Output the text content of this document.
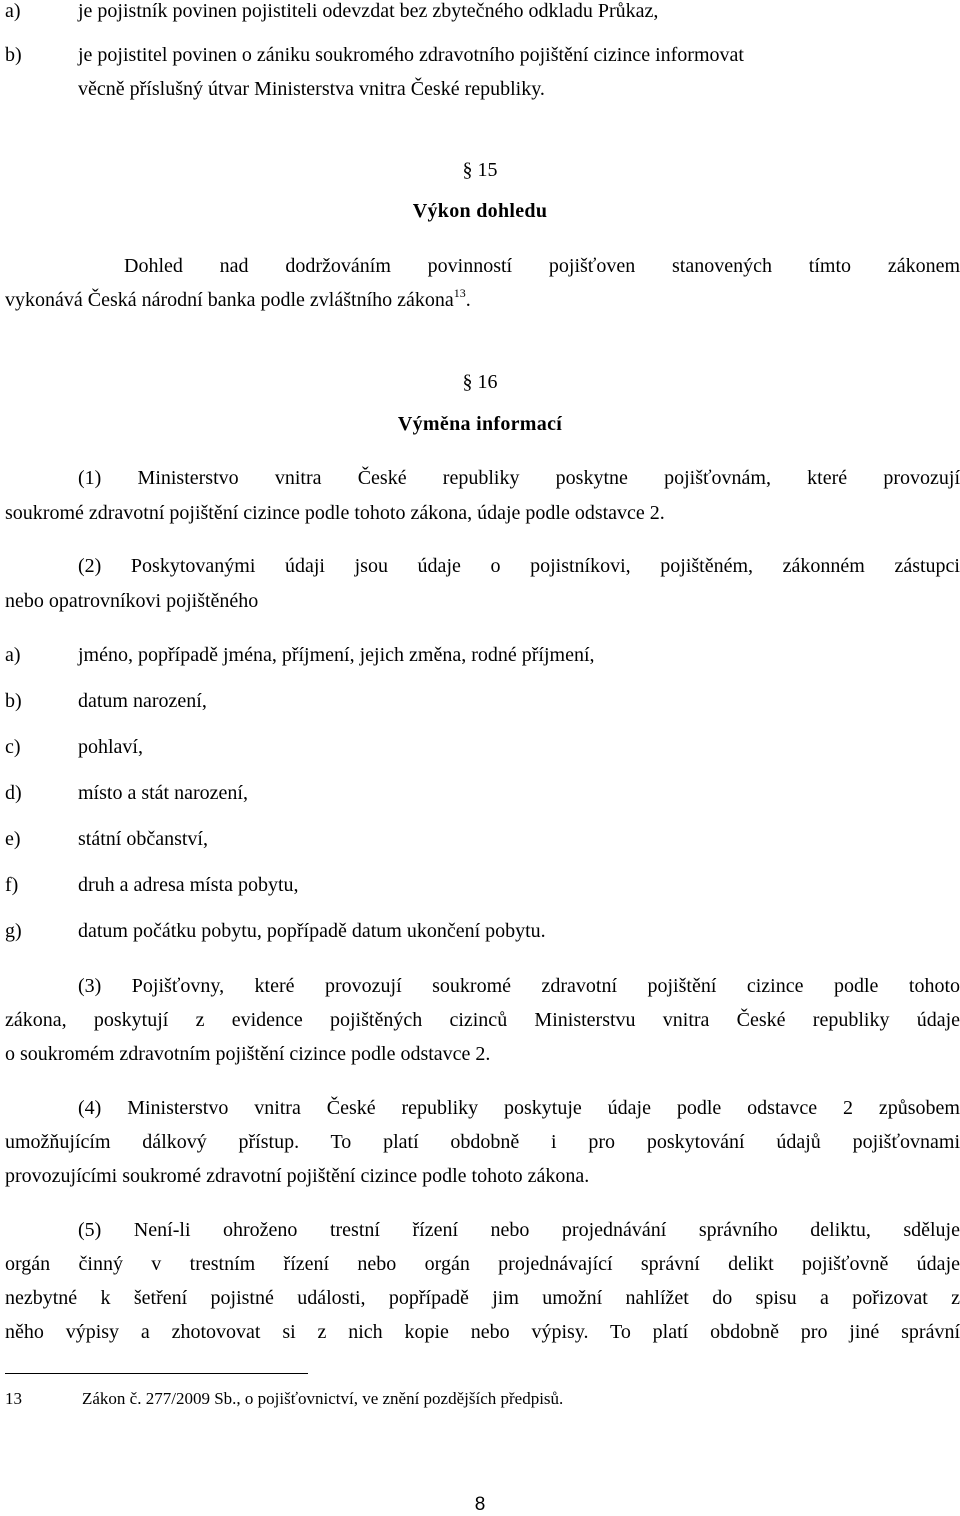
a)	je pojistník povinen pojistiteli odevzdat bez zbytečného odkladu Průkaz,
b)	je pojistitel povinen o zániku soukromého zdravotního pojištění cizince informovat
věcně příslušný útvar Ministerstva vnitra České republiky.
§ 15
Výkon dohledu
Dohled nad dodržováním povinností pojišťoven stanovených tímto zákonem
vykonává Česká národní banka podle zvláštního zákona$^{13}$.
§ 16
Výměna informací
(1) Ministerstvo vnitra České republiky poskytne pojišťovnám, které provozují
soukromé zdravotní pojištění cizince podle tohoto zákona, údaje podle odstavce 2.
(2) Poskytovanými údaji jsou údaje o pojistníkovi, pojištěném, zákonném zástupci
nebo opatrovníkovi pojištěného
a)	jméno, popřípadě jména, příjmení, jejich změna, rodné příjmení,
b)	datum narození,
c)	pohlaví,
d)	místo a stát narození,
e)	státní občanství,
f)	druh a adresa místa pobytu,
g)	datum počátku pobytu, popřípadě datum ukončení pobytu.
(3) Pojišťovny, které provozují soukromé zdravotní pojištění cizince podle tohoto
zákona, poskytují z evidence pojištěných cizinců Ministerstvu vnitra České republiky údaje
o soukromém zdravotním pojištění cizince podle odstavce 2.
(4) Ministerstvo vnitra České republiky poskytuje údaje podle odstavce 2 způsobem
umožňujícím dálkový přístup. To platí obdobně i pro poskytování údajů pojišťovnami
provozujícími soukromé zdravotní pojištění cizince podle tohoto zákona.
(5) Není-li ohroženo trestní řízení nebo projednávání správního deliktu, sděluje
orgán činný v trestním řízení nebo orgán projednávající správní delikt pojišťovně údaje
nezbytné k šetření pojistné události, popřípadě jim umožní nahlížet do spisu a pořizovat z
něho výpisy a zhotovovat si z nich kopie nebo výpisy. To platí obdobně pro jiné správní
13	Zákon č. 277/2009 Sb., o pojišťovnictví, ve znění pozdějších předpisů.
8
